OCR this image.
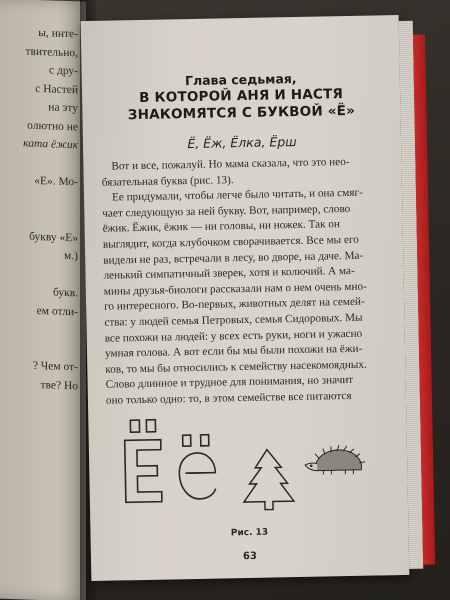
ы, инте-
твительно,
с дру-
с Настей
на эту
олютно не
ката ёжик
«Е». Мо-
букву «Е»
м.)
букв.
ем отли-
? Чем от-
тве? Но
Глава седьмая,
В КОТОРОЙ АНЯ И НАСТЯ
ЗНАКОМЯТСЯ С БУКВОЙ «Ё»
Ё, Ёж, Ёлка, Ёрш
Вот и все, пожалуй. Но мама сказала, что это нео-
бязательная буква (рис. 13).
Ее придумали, чтобы легче было читать, и она смяг-
чает следующую за ней букву. Вот, например, слово
ёжик. Ёжик, ёжик — ни головы, ни ножек. Так он
выглядит, когда клубочком сворачивается. Все мы его
видели не раз, встречали в лесу, во дворе, на даче. Ма-
ленький симпатичный зверек, хотя и колючий. А ма-
мины друзья-биологи рассказали нам о нем очень мно-
го интересного. Во-первых, животных делят на семей-
ства: у людей семья Петровых, семья Сидоровых. Мы
все похожи на людей: у всех есть руки, ноги и ужасно
умная голова. А вот если бы мы были похожи на ёжи-
ков, то мы бы относились к семейству насекомоядных.
Слово длинное и трудное для понимания, но значит
оно только одно: то, в этом семействе все питаются
Рис. 13
63
